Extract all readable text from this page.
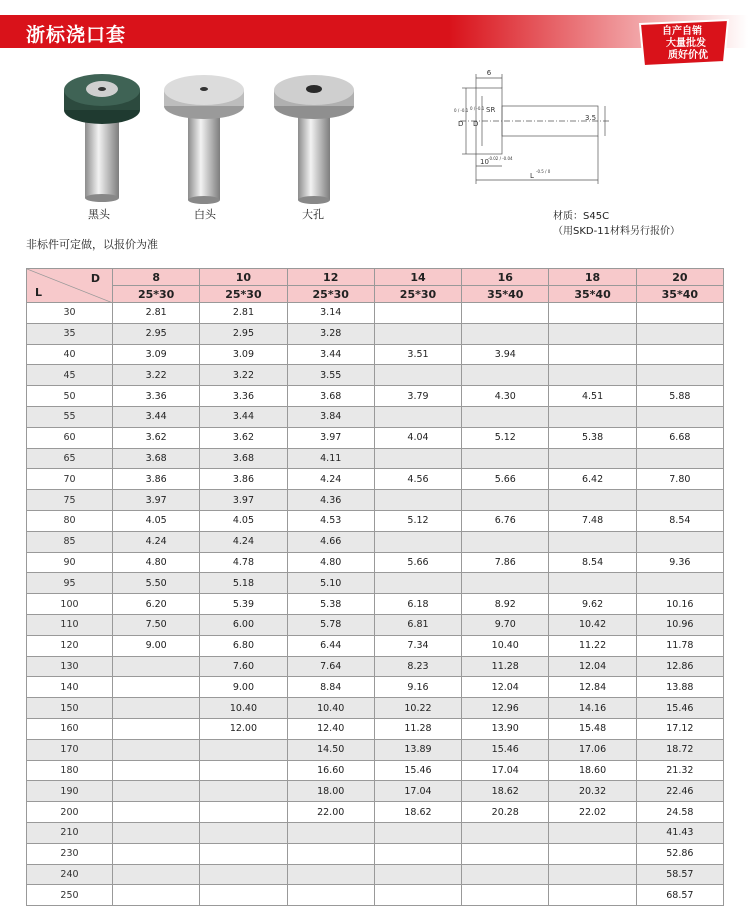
浙标浇口套	自产自销
大量批发
质好价优
黑头	白头	大孔
非标件可定做，以报价为准
6
D
0 / -0.1
D
0 / -0.1 SR
3.5
10 -0.02 / -0.04
L
-0.5 / 0
材质：S45C
（用SKD-11材料另行报价）
D
L	8	10	12	14	16	18	20
	25*30	25*30	25*30	25*30	35*40	35*40	35*40
30	2.81	2.81	3.14				
35	2.95	2.95	3.28				
40	3.09	3.09	3.44	3.51	3.94		
45	3.22	3.22	3.55				
50	3.36	3.36	3.68	3.79	4.30	4.51	5.88
55	3.44	3.44	3.84				
60	3.62	3.62	3.97	4.04	5.12	5.38	6.68
65	3.68	3.68	4.11				
70	3.86	3.86	4.24	4.56	5.66	6.42	7.80
75	3.97	3.97	4.36				
80	4.05	4.05	4.53	5.12	6.76	7.48	8.54
85	4.24	4.24	4.66				
90	4.80	4.78	4.80	5.66	7.86	8.54	9.36
95	5.50	5.18	5.10				
100	6.20	5.39	5.38	6.18	8.92	9.62	10.16
110	7.50	6.00	5.78	6.81	9.70	10.42	10.96
120	9.00	6.80	6.44	7.34	10.40	11.22	11.78
130		7.60	7.64	8.23	11.28	12.04	12.86
140		9.00	8.84	9.16	12.04	12.84	13.88
150		10.40	10.40	10.22	12.96	14.16	15.46
160		12.00	12.40	11.28	13.90	15.48	17.12
170			14.50	13.89	15.46	17.06	18.72
180			16.60	15.46	17.04	18.60	21.32
190			18.00	17.04	18.62	20.32	22.46
200			22.00	18.62	20.28	22.02	24.58
210							41.43
230							52.86
240							58.57
250							68.57
